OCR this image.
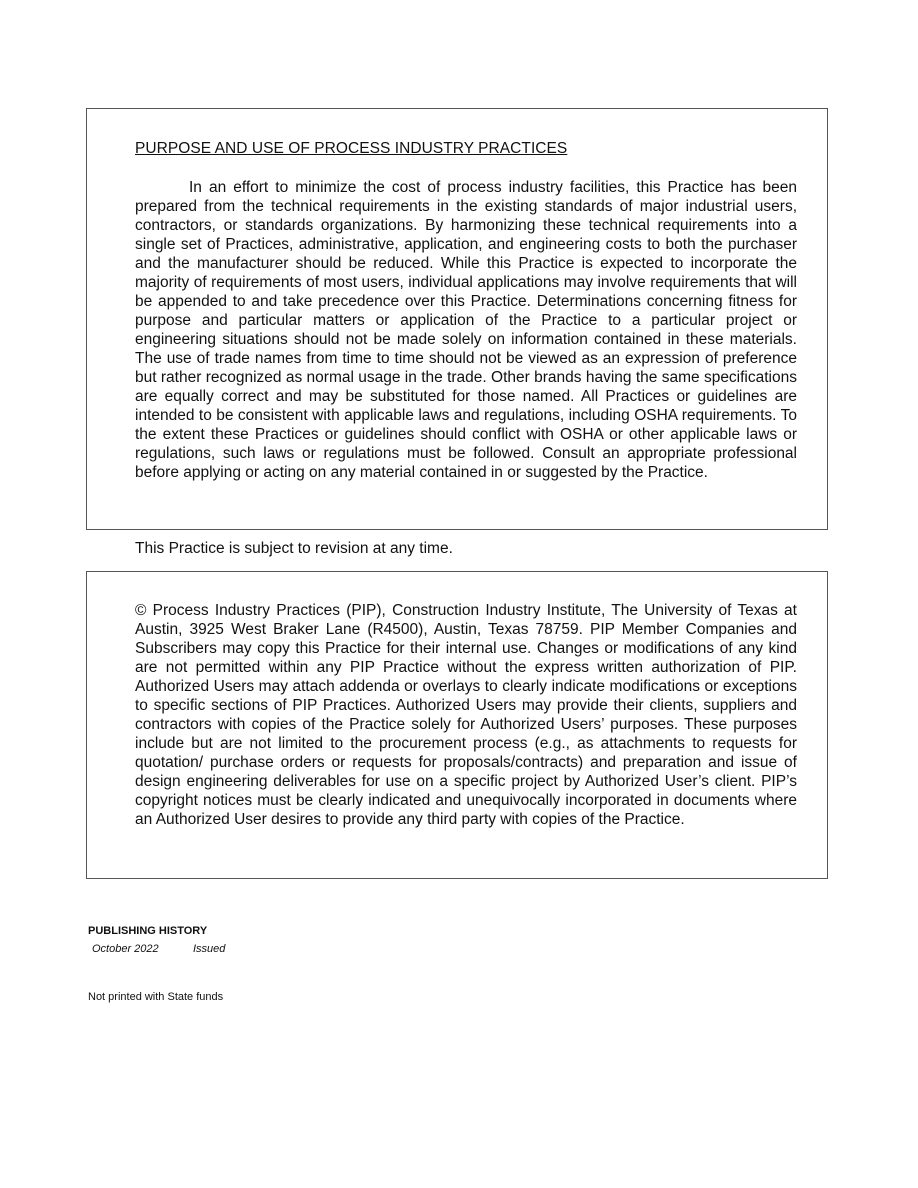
PURPOSE AND USE OF PROCESS INDUSTRY PRACTICES

In an effort to minimize the cost of process industry facilities, this Practice has been prepared from the technical requirements in the existing standards of major industrial users, contractors, or standards organizations. By harmonizing these technical requirements into a single set of Practices, administrative, application, and engineering costs to both the purchaser and the manufacturer should be reduced. While this Practice is expected to incorporate the majority of requirements of most users, individual applications may involve requirements that will be appended to and take precedence over this Practice. Determinations concerning fitness for purpose and particular matters or application of the Practice to a particular project or engineering situations should not be made solely on information contained in these materials. The use of trade names from time to time should not be viewed as an expression of preference but rather recognized as normal usage in the trade. Other brands having the same specifications are equally correct and may be substituted for those named. All Practices or guidelines are intended to be consistent with applicable laws and regulations, including OSHA requirements. To the extent these Practices or guidelines should conflict with OSHA or other applicable laws or regulations, such laws or regulations must be followed. Consult an appropriate professional before applying or acting on any material contained in or suggested by the Practice.

This Practice is subject to revision at any time.

© Process Industry Practices (PIP), Construction Industry Institute, The University of Texas at Austin, 3925 West Braker Lane (R4500), Austin, Texas 78759. PIP Member Companies and Subscribers may copy this Practice for their internal use. Changes or modifications of any kind are not permitted within any PIP Practice without the express written authorization of PIP. Authorized Users may attach addenda or overlays to clearly indicate modifications or exceptions to specific sections of PIP Practices. Authorized Users may provide their clients, suppliers and contractors with copies of the Practice solely for Authorized Users’ purposes. These purposes include but are not limited to the procurement process (e.g., as attachments to requests for quotation/ purchase orders or requests for proposals/contracts) and preparation and issue of design engineering deliverables for use on a specific project by Authorized User’s client. PIP’s copyright notices must be clearly indicated and unequivocally incorporated in documents where an Authorized User desires to provide any third party with copies of the Practice.

PUBLISHING HISTORY

October 2022	Issued

Not printed with State funds
